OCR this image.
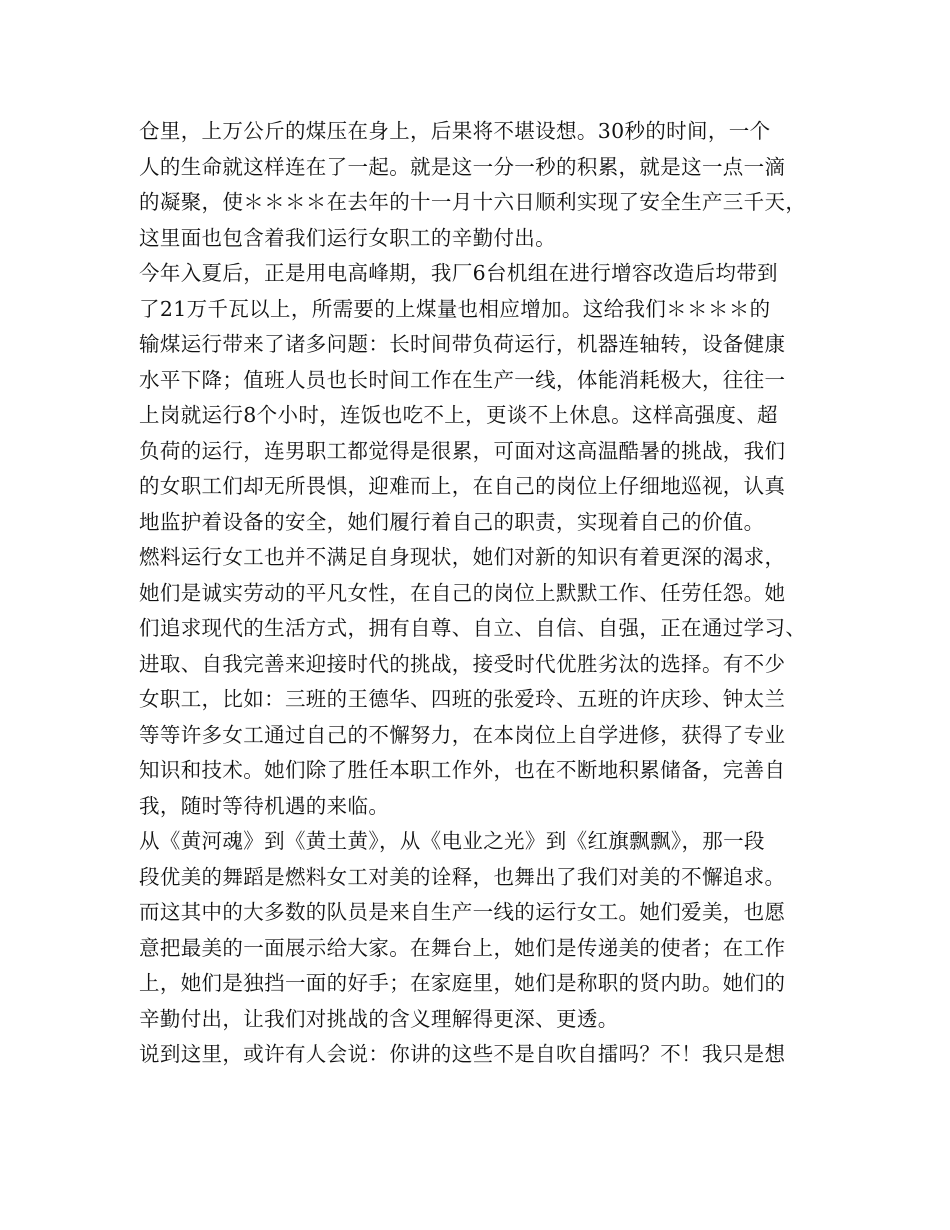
仓里，上万公斤的煤压在身上，后果将不堪设想。30秒的时间，一个
人的生命就这样连在了一起。就是这一分一秒的积累，就是这一点一滴
的凝聚，使＊＊＊＊在去年的十一月十六日顺利实现了安全生产三千天，
这里面也包含着我们运行女职工的辛勤付出。
今年入夏后，正是用电高峰期，我厂6台机组在进行增容改造后均带到
了21万千瓦以上，所需要的上煤量也相应增加。这给我们＊＊＊＊的
输煤运行带来了诸多问题：长时间带负荷运行，机器连轴转，设备健康
水平下降；值班人员也长时间工作在生产一线，体能消耗极大，往往一
上岗就运行8个小时，连饭也吃不上，更谈不上休息。这样高强度、超
负荷的运行，连男职工都觉得是很累，可面对这高温酷暑的挑战，我们
的女职工们却无所畏惧，迎难而上，在自己的岗位上仔细地巡视，认真
地监护着设备的安全，她们履行着自己的职责，实现着自己的价值。
燃料运行女工也并不满足自身现状，她们对新的知识有着更深的渴求，
她们是诚实劳动的平凡女性，在自己的岗位上默默工作、任劳任怨。她
们追求现代的生活方式，拥有自尊、自立、自信、自强，正在通过学习、
进取、自我完善来迎接时代的挑战，接受时代优胜劣汰的选择。有不少
女职工，比如：三班的王德华、四班的张爱玲、五班的许庆珍、钟太兰
等等许多女工通过自己的不懈努力，在本岗位上自学进修，获得了专业
知识和技术。她们除了胜任本职工作外，也在不断地积累储备，完善自
我，随时等待机遇的来临。
从《黄河魂》到《黄土黄》，从《电业之光》到《红旗飘飘》，那一段
段优美的舞蹈是燃料女工对美的诠释，也舞出了我们对美的不懈追求。
而这其中的大多数的队员是来自生产一线的运行女工。她们爱美，也愿
意把最美的一面展示给大家。在舞台上，她们是传递美的使者；在工作
上，她们是独挡一面的好手；在家庭里，她们是称职的贤内助。她们的
辛勤付出，让我们对挑战的含义理解得更深、更透。
说到这里，或许有人会说：你讲的这些不是自吹自擂吗？不！我只是想
